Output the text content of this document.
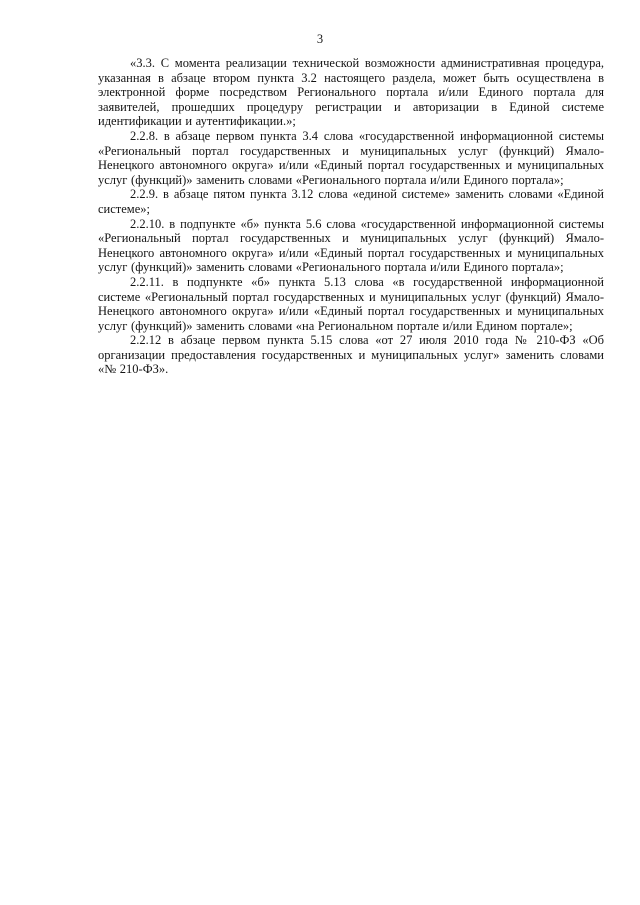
3

«3.3. С момента реализации технической возможности административная процедура, указанная в абзаце втором пункта 3.2 настоящего раздела, может быть осуществлена в электронной форме посредством Регионального портала и/или Единого портала для заявителей, прошедших процедуру регистрации и авторизации в Единой системе идентификации и аутентификации.»;

2.2.8. в абзаце первом пункта 3.4 слова «государственной информационной системы «Региональный портал государственных и муниципальных услуг (функций) Ямало-Ненецкого автономного округа» и/или «Единый портал государственных и муниципальных услуг (функций)» заменить словами «Регионального портала и/или Единого портала»;

2.2.9. в абзаце пятом пункта 3.12 слова «единой системе» заменить словами «Единой системе»;

2.2.10. в подпункте «б» пункта 5.6 слова «государственной информационной системы «Региональный портал государственных и муниципальных услуг (функций) Ямало-Ненецкого автономного округа» и/или «Единый портал государственных и муниципальных услуг (функций)» заменить словами «Регионального портала и/или Единого портала»;

2.2.11. в подпункте «б» пункта 5.13 слова «в государственной информационной системе «Региональный портал государственных и муниципальных услуг (функций) Ямало-Ненецкого автономного округа» и/или «Единый портал государственных и муниципальных услуг (функций)» заменить словами «на Региональном портале и/или Едином портале»;

2.2.12 в абзаце первом пункта 5.15 слова «от 27 июля 2010 года № 210-ФЗ «Об организации предоставления государственных и муниципальных услуг» заменить словами «№ 210-ФЗ».
